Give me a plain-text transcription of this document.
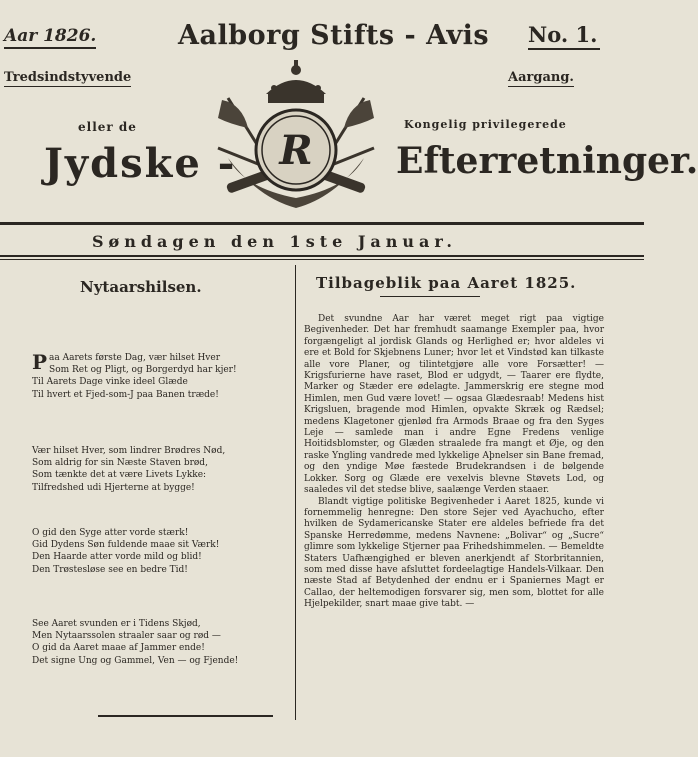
Aar 1826.	Aalborg Stifts - Avis No. 1.
Tredsindstyvende	Aargang.
eller de	Kongelig privilegerede
Jydske -	Efterretninger.
R
Søndagen den 1ste Januar.
Nytaarshilsen.
P aa Aarets første Dag, vær hilset Hver
Som Ret og Pligt, og Borgerdyd har kjer!
Til Aarets Dage vinke ideel Glæde
Til hvert et Fjed-som-J paa Banen træde!
Vær hilset Hver, som lindrer Brødres Nød,
Som aldrig for sin Næste Staven brød,
Som tænkte det at være Livets Lykke:
Tilfredshed udi Hjerterne at bygge!
O gid den Syge atter vorde stærk!
Gid Dydens Søn fuldende maae sit Værk!
Den Haarde atter vorde mild og blid!
Den Trøstesløse see en bedre Tid!
See Aaret svunden er i Tidens Skjød,
Men Nytaarssolen straaler saar og rød —
O gid da Aaret maae af Jammer ende!
Det signe Ung og Gammel, Ven — og Fjende!
Tilbageblik paa Aaret 1825.

Det svundne Aar har været meget rigt paa vigtige Begivenheder. Det har fremhudt saamange Exempler paa, hvor forgængeligt al jordisk Glands og Herlighed er; hvor aldeles vi ere et Bold for Skjebnens Luner; hvor let et Vindstød kan tilkaste alle vore Planer, og tilintetgjøre alle vore Forsætter! — Krigsfurierne have raset, Blod er udgydt, — Taarer ere flydte, Marker og Stæder ere ødelagte. Jammerskrig ere stegne mod Himlen, men Gud være lovet! — ogsaa Glædesraab! Medens hist Krigsluen, bragende mod Himlen, opvakte Skræk og Rædsel; medens Klagetoner gjenlød fra Armods Braae og fra den Syges Leje — samlede man i andre Egne Fredens venlige Hoitidsblomster, og Glæden straalede fra mangt et Øje, og den raske Yngling vandrede med lykkelige Aþnelser sin Bane fremad, og den yndige Møe fæstede Brudekrandsen i de bølgende Lokker. Sorg og Glæde ere vexelvis blevne Støvets Lod, og saaledes vil det stedse blive, saalænge Verden staaer.

Blandt vigtige politiske Begivenheder i Aaret 1825, kunde vi fornemmelig henregne: Den store Sejer ved Ayachucho, efter hvilken de Sydamericanske Stater ere aldeles befriede fra det Spanske Herredømme, medens Navnene: „Bolivar“ og „Sucre“ glimre som lykkelige Stjerner paa Frihedshimmelen. — Bemeldte Staters Uafhængighed er bleven anerkjendt af Storbritannien, som med disse have afsluttet fordeelagtige Handels-Vilkaar. Den næste Stad af Betydenhed der endnu er i Spaniernes Magt er Callao, der heltemodigen forsvarer sig, men som, blottet for alle Hjelpekilder, snart maae give tabt. —
